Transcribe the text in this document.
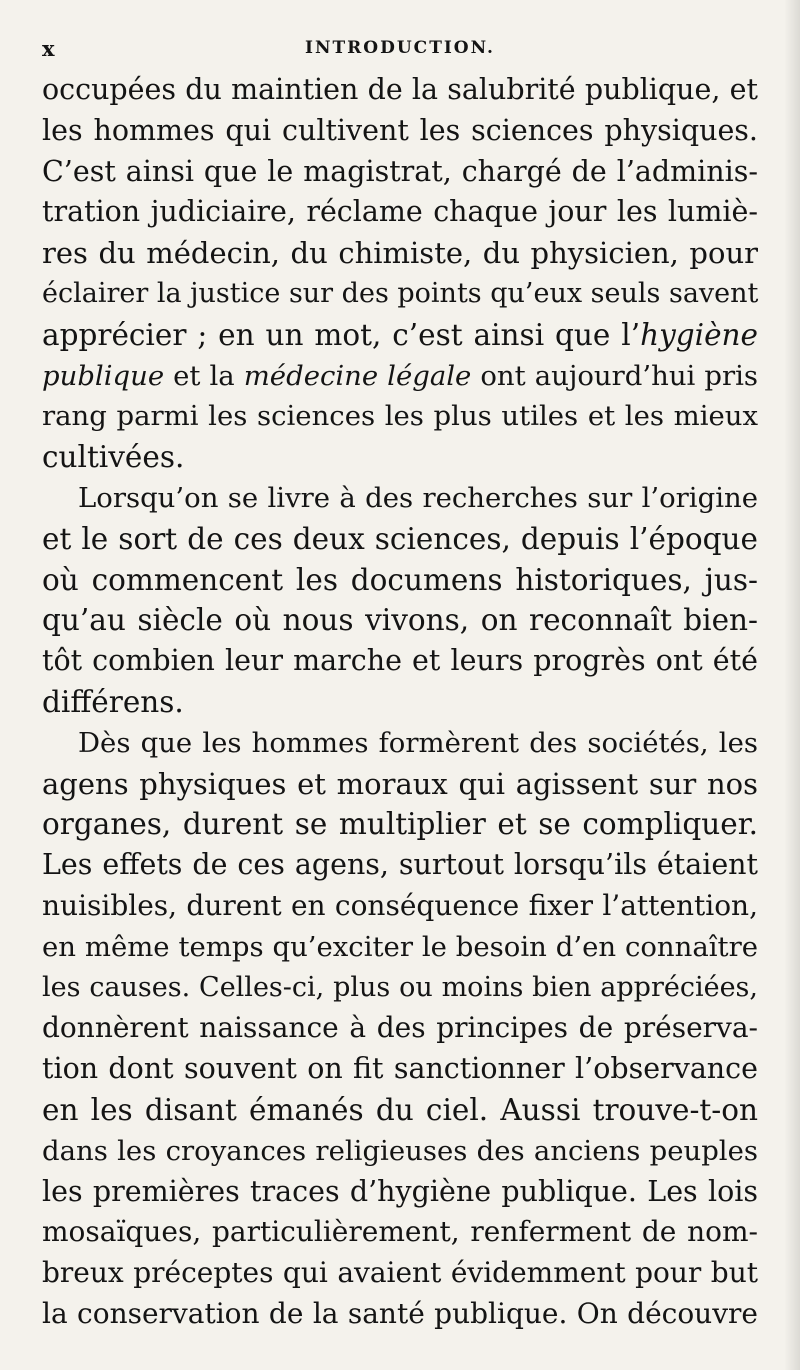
x	INTRODUCTION.
occupées du maintien de la salubrité publique, et
les hommes qui cultivent les sciences physiques.
C’est ainsi que le magistrat, chargé de l’adminis-
tration judiciaire, réclame chaque jour les lumiè-
res du médecin, du chimiste, du physicien, pour
éclairer la justice sur des points qu’eux seuls savent
apprécier ; en un mot, c’est ainsi que l’hygiène
publique et la médecine légale ont aujourd’hui pris
rang parmi les sciences les plus utiles et les mieux
cultivées.
Lorsqu’on se livre à des recherches sur l’origine
et le sort de ces deux sciences, depuis l’époque
où commencent les documens historiques, jus-
qu’au siècle où nous vivons, on reconnaît bien-
tôt combien leur marche et leurs progrès ont été
différens.
Dès que les hommes formèrent des sociétés, les
agens physiques et moraux qui agissent sur nos
organes, durent se multiplier et se compliquer.
Les effets de ces agens, surtout lorsqu’ils étaient
nuisibles, durent en conséquence fixer l’attention,
en même temps qu’exciter le besoin d’en connaître
les causes. Celles-ci, plus ou moins bien appréciées,
donnèrent naissance à des principes de préserva-
tion dont souvent on fit sanctionner l’observance
en les disant émanés du ciel. Aussi trouve-t-on
dans les croyances religieuses des anciens peuples
les premières traces d’hygiène publique. Les lois
mosaïques, particulièrement, renferment de nom-
breux préceptes qui avaient évidemment pour but
la conservation de la santé publique. On découvre
